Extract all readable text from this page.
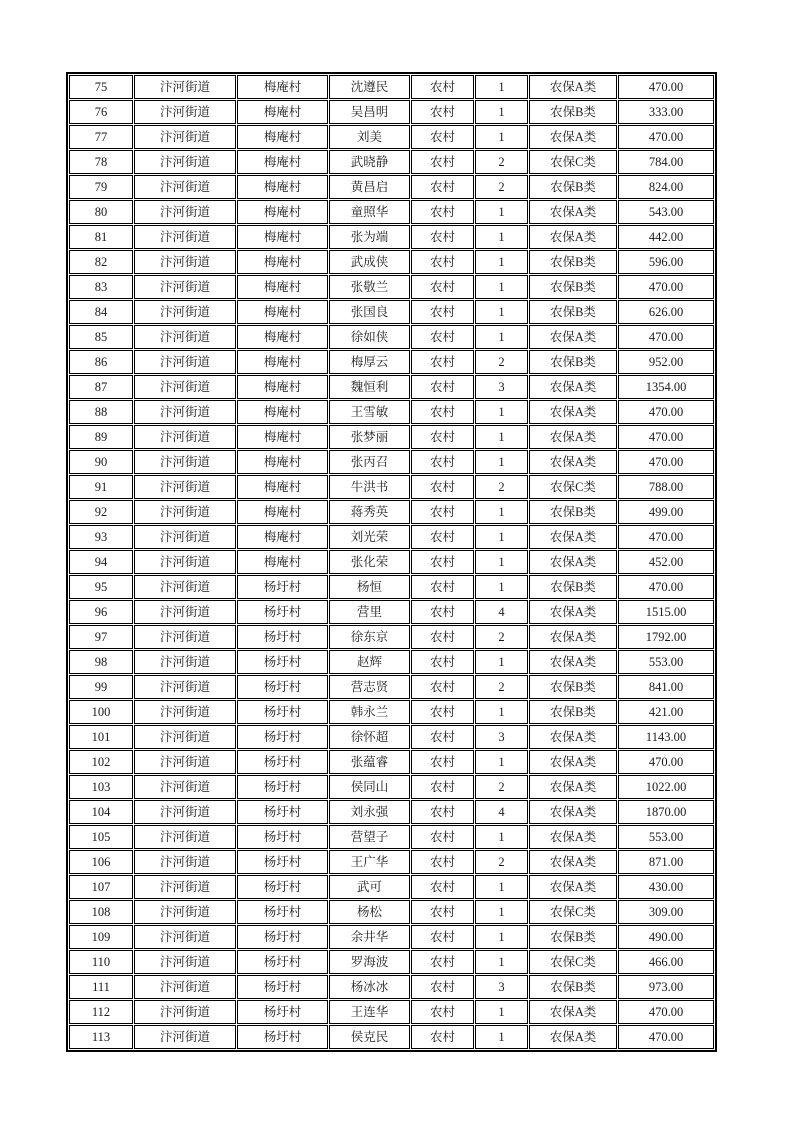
75	汴河街道	梅庵村	沈遵民	农村	1	农保A类	470.00
76	汴河街道	梅庵村	吴昌明	农村	1	农保B类	333.00
77	汴河街道	梅庵村	刘美	农村	1	农保A类	470.00
78	汴河街道	梅庵村	武晓静	农村	2	农保C类	784.00
79	汴河街道	梅庵村	黄昌启	农村	2	农保B类	824.00
80	汴河街道	梅庵村	童照华	农村	1	农保A类	543.00
81	汴河街道	梅庵村	张为端	农村	1	农保A类	442.00
82	汴河街道	梅庵村	武成侠	农村	1	农保B类	596.00
83	汴河街道	梅庵村	张敬兰	农村	1	农保B类	470.00
84	汴河街道	梅庵村	张国良	农村	1	农保B类	626.00
85	汴河街道	梅庵村	徐如侠	农村	1	农保A类	470.00
86	汴河街道	梅庵村	梅厚云	农村	2	农保B类	952.00
87	汴河街道	梅庵村	魏恒利	农村	3	农保A类	1354.00
88	汴河街道	梅庵村	王雪敏	农村	1	农保A类	470.00
89	汴河街道	梅庵村	张梦丽	农村	1	农保A类	470.00
90	汴河街道	梅庵村	张丙召	农村	1	农保A类	470.00
91	汴河街道	梅庵村	牛洪书	农村	2	农保C类	788.00
92	汴河街道	梅庵村	蒋秀英	农村	1	农保B类	499.00
93	汴河街道	梅庵村	刘光荣	农村	1	农保A类	470.00
94	汴河街道	梅庵村	张化荣	农村	1	农保A类	452.00
95	汴河街道	杨圩村	杨恒	农村	1	农保B类	470.00
96	汴河街道	杨圩村	营里	农村	4	农保A类	1515.00
97	汴河街道	杨圩村	徐东京	农村	2	农保A类	1792.00
98	汴河街道	杨圩村	赵辉	农村	1	农保A类	553.00
99	汴河街道	杨圩村	营志贤	农村	2	农保B类	841.00
100	汴河街道	杨圩村	韩永兰	农村	1	农保B类	421.00
101	汴河街道	杨圩村	徐怀超	农村	3	农保A类	1143.00
102	汴河街道	杨圩村	张蕴睿	农村	1	农保A类	470.00
103	汴河街道	杨圩村	侯同山	农村	2	农保A类	1022.00
104	汴河街道	杨圩村	刘永强	农村	4	农保A类	1870.00
105	汴河街道	杨圩村	营望子	农村	1	农保A类	553.00
106	汴河街道	杨圩村	王广华	农村	2	农保A类	871.00
107	汴河街道	杨圩村	武可	农村	1	农保A类	430.00
108	汴河街道	杨圩村	杨松	农村	1	农保C类	309.00
109	汴河街道	杨圩村	余井华	农村	1	农保B类	490.00
110	汴河街道	杨圩村	罗海波	农村	1	农保C类	466.00
111	汴河街道	杨圩村	杨冰冰	农村	3	农保B类	973.00
112	汴河街道	杨圩村	王连华	农村	1	农保A类	470.00
113	汴河街道	杨圩村	侯克民	农村	1	农保A类	470.00
